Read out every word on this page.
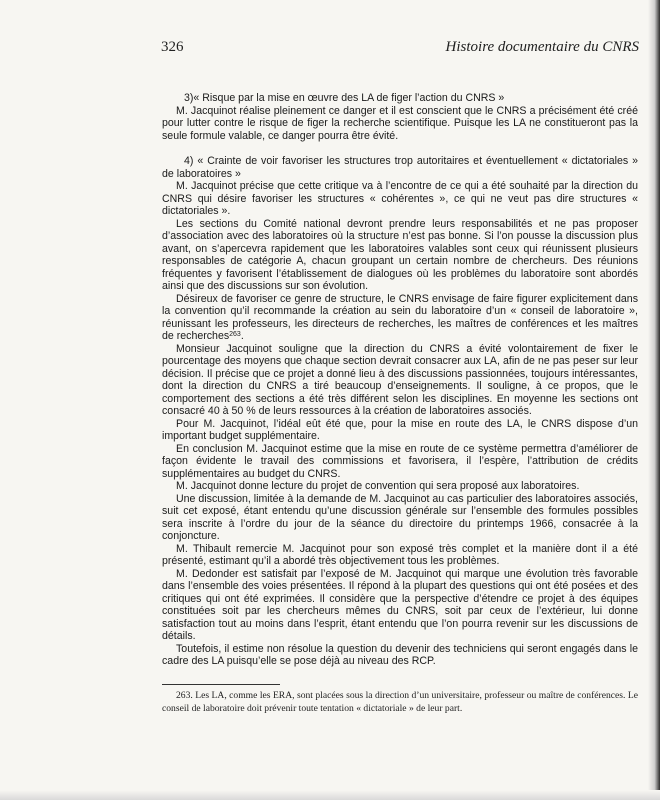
326	Histoire documentaire du CNRS

3)« Risque par la mise en œuvre des LA de figer l’action du CNRS »

M. Jacquinot réalise pleinement ce danger et il est conscient que le CNRS a précisément été créé pour lutter contre le risque de figer la recherche scientifique. Puisque les LA ne constitueront pas la seule formule valable, ce danger pourra être évité.

4) « Crainte de voir favoriser les structures trop autoritaires et éventuellement « dictatoriales » de laboratoires »

M. Jacquinot précise que cette critique va à l’encontre de ce qui a été souhaité par la direction du CNRS qui désire favoriser les structures « cohérentes », ce qui ne veut pas dire structures « dictatoriales ».

Les sections du Comité national devront prendre leurs responsabilités et ne pas proposer d’association avec des laboratoires où la structure n’est pas bonne. Si l’on pousse la discussion plus avant, on s’apercevra rapidement que les laboratoires valables sont ceux qui réunissent plusieurs responsables de catégorie A, chacun groupant un certain nombre de chercheurs. Des réunions fréquentes y favorisent l’établissement de dialogues où les problèmes du laboratoire sont abordés ainsi que des discussions sur son évolution.

Désireux de favoriser ce genre de structure, le CNRS envisage de faire figurer explicitement dans la convention qu’il recommande la création au sein du laboratoire d’un « conseil de laboratoire », réunissant les professeurs, les directeurs de recherches, les maîtres de conférences et les maîtres de recherches$^{263}$.

Monsieur Jacquinot souligne que la direction du CNRS a évité volontairement de fixer le pourcentage des moyens que chaque section devrait consacrer aux LA, afin de ne pas peser sur leur décision. Il précise que ce projet a donné lieu à des discussions passionnées, toujours intéressantes, dont la direction du CNRS a tiré beaucoup d’enseignements. Il souligne, à ce propos, que le comportement des sections a été très différent selon les disciplines. En moyenne les sections ont consacré 40 à 50 % de leurs ressources à la création de laboratoires associés.

Pour M. Jacquinot, l’idéal eût été que, pour la mise en route des LA, le CNRS dispose d’un important budget supplémentaire.

En conclusion M. Jacquinot estime que la mise en route de ce système permettra d’améliorer de façon évidente le travail des commissions et favorisera, il l’espère, l’attribution de crédits supplémentaires au budget du CNRS.

M. Jacquinot donne lecture du projet de convention qui sera proposé aux laboratoires.

Une discussion, limitée à la demande de M. Jacquinot au cas particulier des laboratoires associés, suit cet exposé, étant entendu qu’une discussion générale sur l’ensemble des formules possibles sera inscrite à l’ordre du jour de la séance du directoire du printemps 1966, consacrée à la conjoncture.

M. Thibault remercie M. Jacquinot pour son exposé très complet et la manière dont il a été présenté, estimant qu’il a abordé très objectivement tous les problèmes.

M. Dedonder est satisfait par l’exposé de M. Jacquinot qui marque une évolution très favorable dans l’ensemble des voies présentées. Il répond à la plupart des questions qui ont été posées et des critiques qui ont été exprimées. Il considère que la perspective d’étendre ce projet à des équipes constituées soit par les chercheurs mêmes du CNRS, soit par ceux de l’extérieur, lui donne satisfaction tout au moins dans l’esprit, étant entendu que l’on pourra revenir sur les discussions de détails.

Toutefois, il estime non résolue la question du devenir des techniciens qui seront engagés dans le cadre des LA puisqu’elle se pose déjà au niveau des RCP.

263. Les LA, comme les ERA, sont placées sous la direction d’un universitaire, professeur ou maître de conférences. Le conseil de laboratoire doit prévenir toute tentation « dictatoriale » de leur part.
